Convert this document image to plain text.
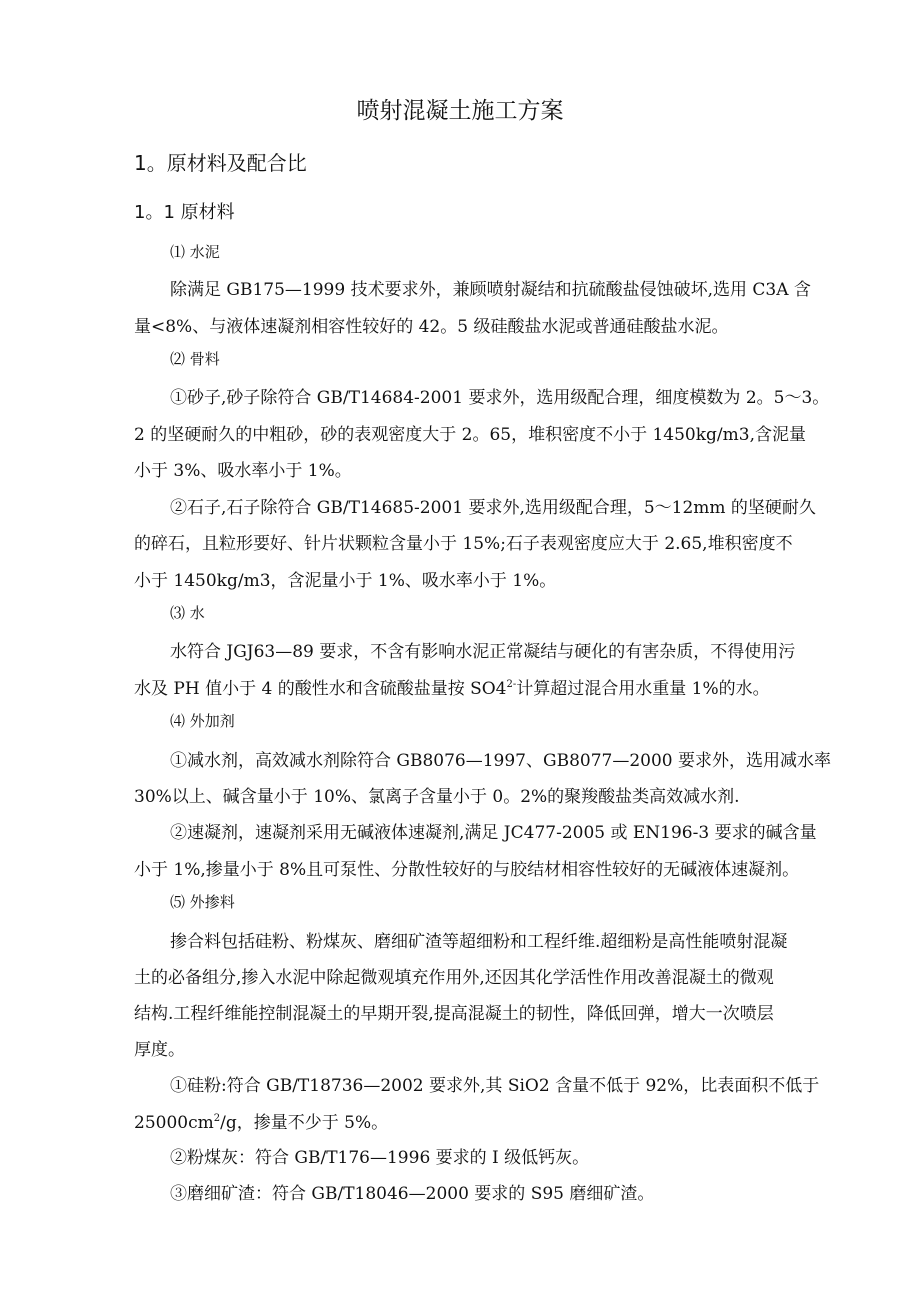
喷射混凝土施工方案
1。原材料及配合比
1。1 原材料
⑴ 水泥
除满足 GB175—1999 技术要求外，兼顾喷射凝结和抗硫酸盐侵蚀破坏,选用 C3A 含
量<8%、与液体速凝剂相容性较好的 42。5 级硅酸盐水泥或普通硅酸盐水泥。
⑵ 骨料
①砂子,砂子除符合 GB/T14684-2001 要求外，选用级配合理，细度模数为 2。5～3。
2 的坚硬耐久的中粗砂，砂的表观密度大于 2。65，堆积密度不小于 1450kg/m3,含泥量
小于 3%、吸水率小于 1%。
②石子,石子除符合 GB/T14685-2001 要求外,选用级配合理，5～12mm 的坚硬耐久
的碎石，且粒形要好、针片状颗粒含量小于 15%;石子表观密度应大于 2.65,堆积密度不
小于 1450kg/m3，含泥量小于 1%、吸水率小于 1%。
⑶ 水
水符合 JGJ63—89 要求，不含有影响水泥正常凝结与硬化的有害杂质，不得使用污
水及 PH 值小于 4 的酸性水和含硫酸盐量按 $SO4^{2-}$计算超过混合用水重量 1%的水。
⑷ 外加剂
①减水剂，高效减水剂除符合 GB8076—1997、GB8077—2000 要求外，选用减水率
30%以上、碱含量小于 10%、氯离子含量小于 0。2%的聚羧酸盐类高效减水剂.
②速凝剂，速凝剂采用无碱液体速凝剂,满足 JC477-2005 或 EN196-3 要求的碱含量
小于 1%,掺量小于 8%且可泵性、分散性较好的与胶结材相容性较好的无碱液体速凝剂。
⑸ 外掺料
掺合料包括硅粉、粉煤灰、磨细矿渣等超细粉和工程纤维.超细粉是高性能喷射混凝
土的必备组分,掺入水泥中除起微观填充作用外,还因其化学活性作用改善混凝土的微观
结构.工程纤维能控制混凝土的早期开裂,提高混凝土的韧性，降低回弹，增大一次喷层
厚度。
①硅粉:符合 GB/T18736—2002 要求外,其 SiO2 含量不低于 92%，比表面积不低于
$25000cm^2/g$，掺量不少于 5%。
②粉煤灰：符合 GB/T176—1996 要求的 I 级低钙灰。
③磨细矿渣：符合 GB/T18046—2000 要求的 S95 磨细矿渣。
